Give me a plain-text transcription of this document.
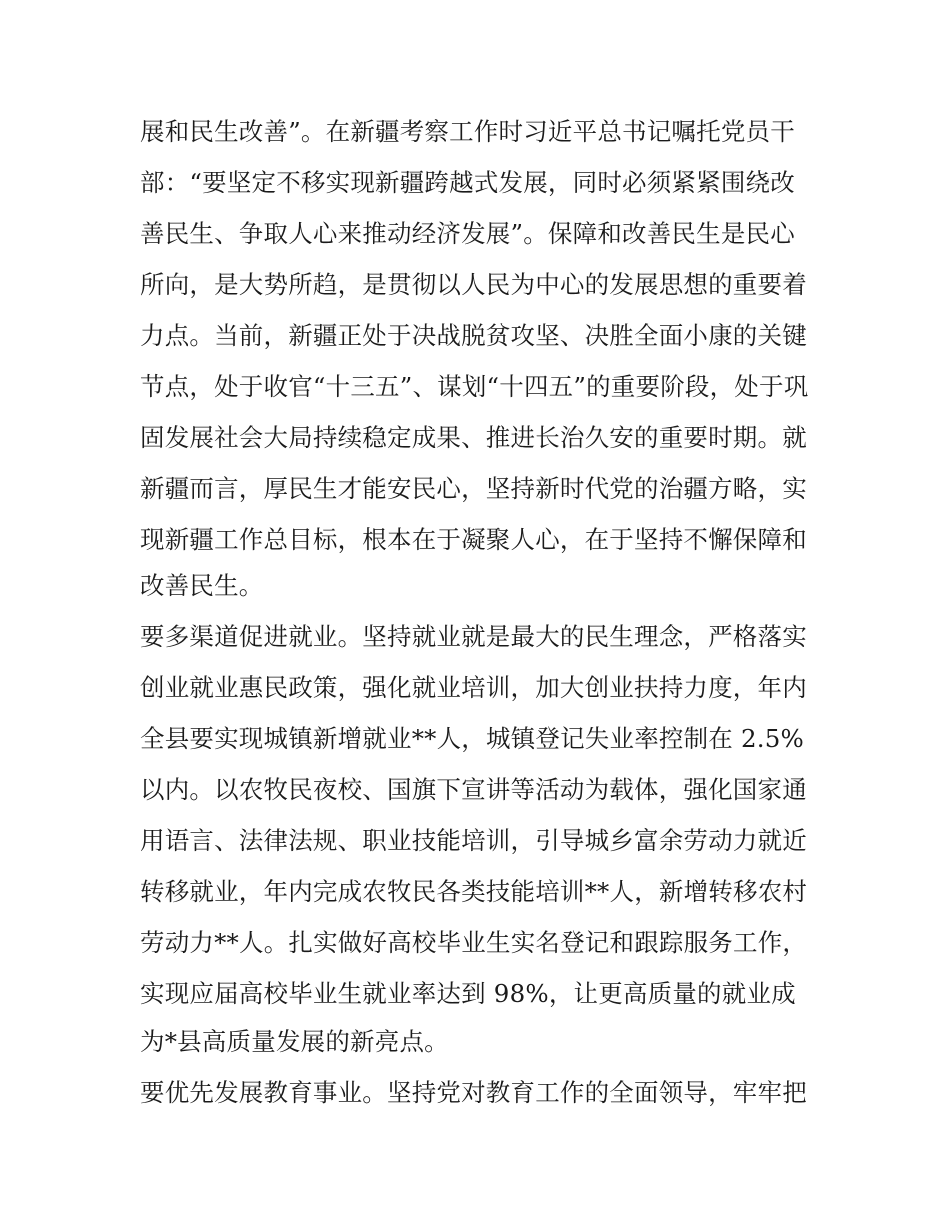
展和民生改善”。在新疆考察工作时习近平总书记嘱托党员干
部：“要坚定不移实现新疆跨越式发展，同时必须紧紧围绕改
善民生、争取人心来推动经济发展”。保障和改善民生是民心
所向，是大势所趋，是贯彻以人民为中心的发展思想的重要着
力点。当前，新疆正处于决战脱贫攻坚、决胜全面小康的关键
节点，处于收官“十三五”、谋划“十四五”的重要阶段，处于巩
固发展社会大局持续稳定成果、推进长治久安的重要时期。就
新疆而言，厚民生才能安民心，坚持新时代党的治疆方略，实
现新疆工作总目标，根本在于凝聚人心，在于坚持不懈保障和
改善民生。
要多渠道促进就业。坚持就业就是最大的民生理念，严格落实
创业就业惠民政策，强化就业培训，加大创业扶持力度，年内
全县要实现城镇新增就业**人，城镇登记失业率控制在 2.5%
以内。以农牧民夜校、国旗下宣讲等活动为载体，强化国家通
用语言、法律法规、职业技能培训，引导城乡富余劳动力就近
转移就业，年内完成农牧民各类技能培训**人，新增转移农村
劳动力**人。扎实做好高校毕业生实名登记和跟踪服务工作，
实现应届高校毕业生就业率达到 98%，让更高质量的就业成
为*县高质量发展的新亮点。
要优先发展教育事业。坚持党对教育工作的全面领导，牢牢把
